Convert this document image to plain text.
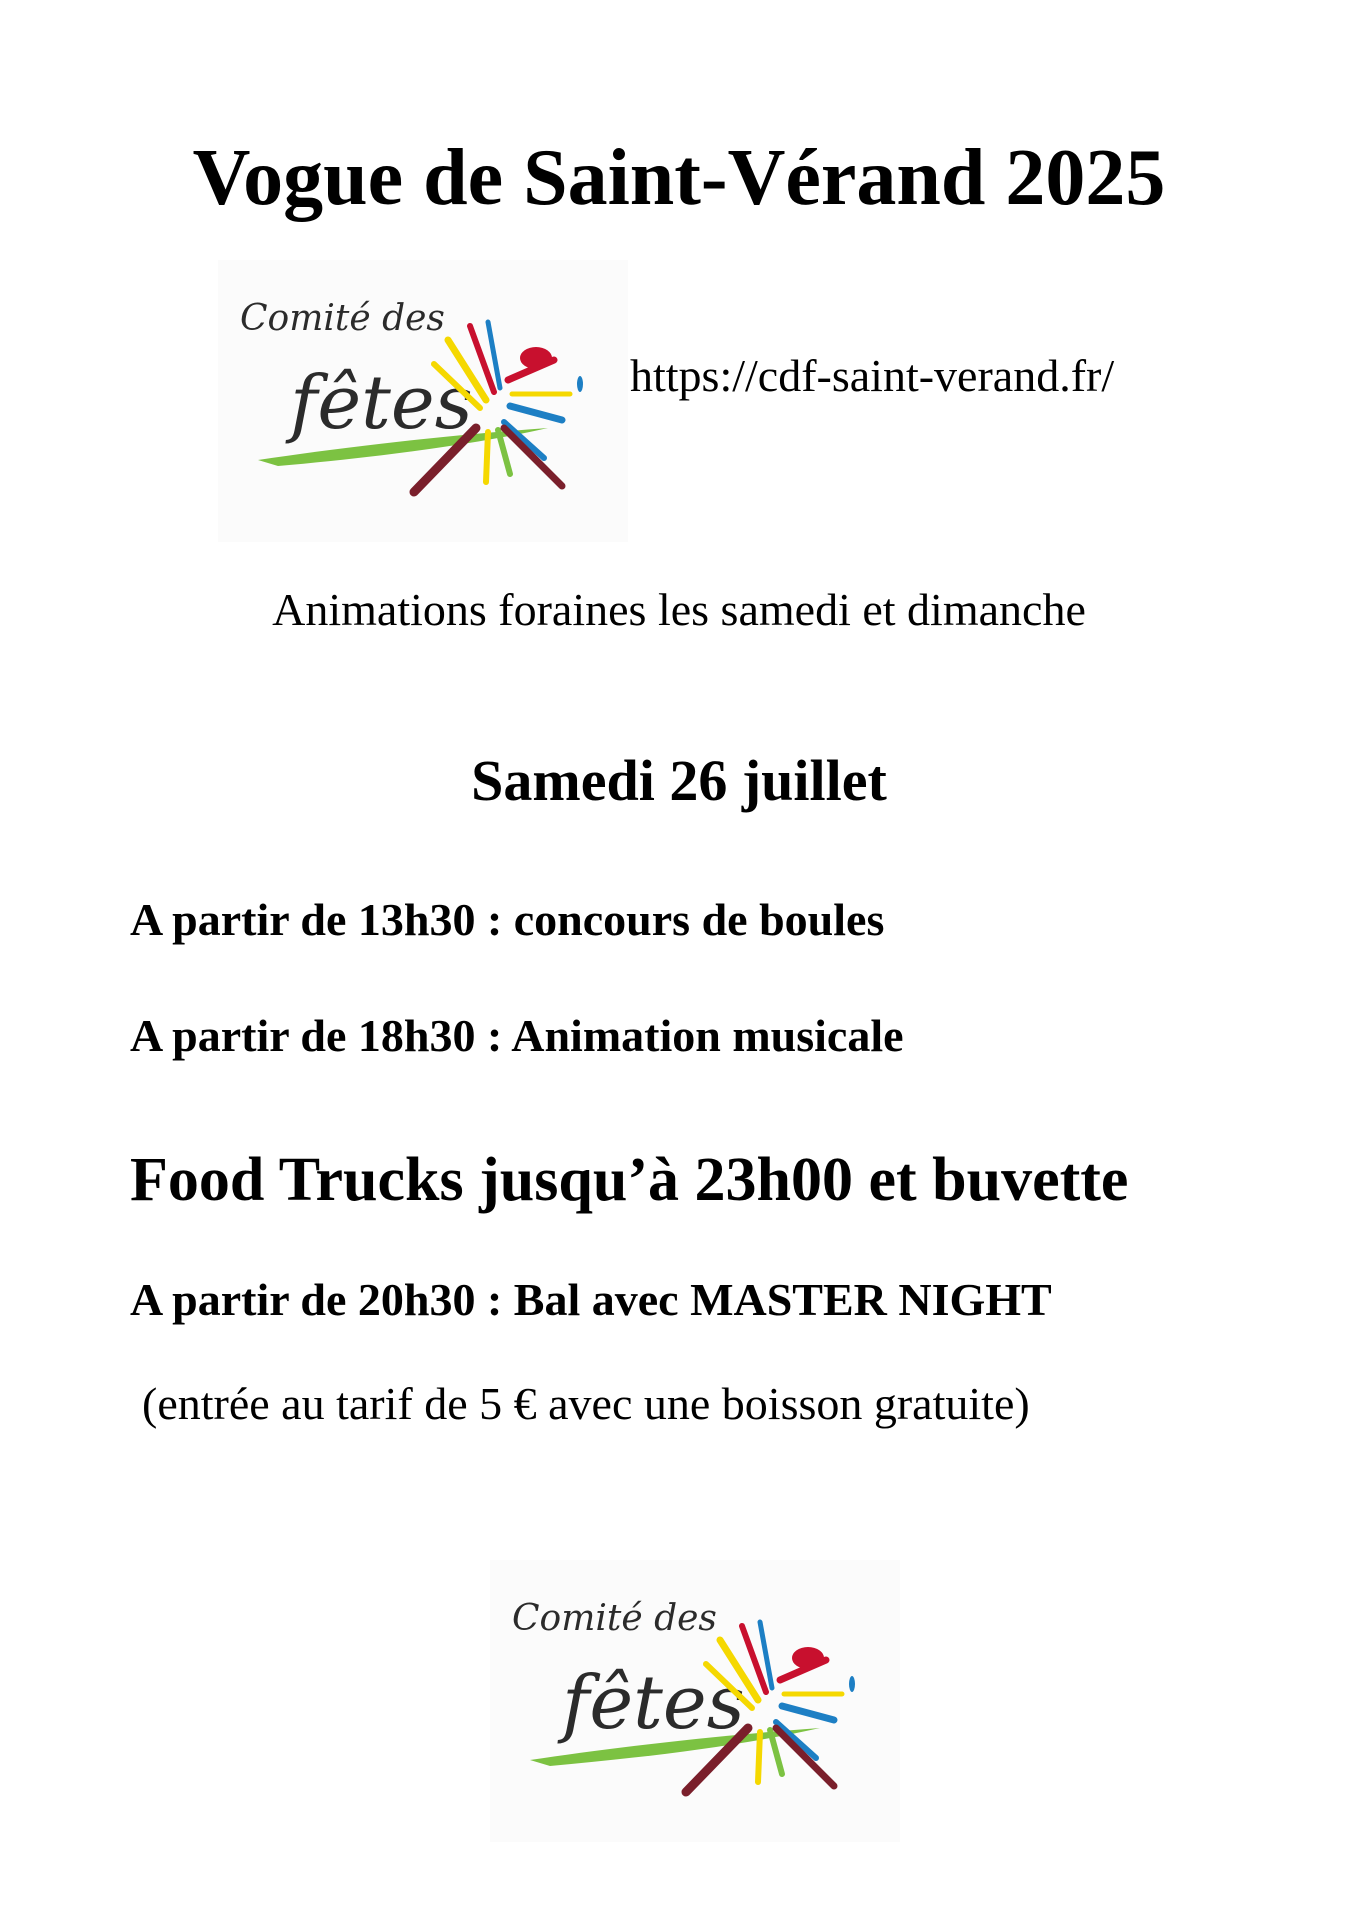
Vogue de Saint-Vérand 2025
Comité des
fêtes	https://cdf-saint-verand.fr/

Animations foraines les samedi et dimanche

Samedi 26 juillet

A partir de 13h30 : concours de boules

A partir de 18h30 : Animation musicale

Food Trucks jusqu’à 23h00 et buvette

A partir de 20h30 : Bal avec MASTER NIGHT

(entrée au tarif de 5 € avec une boisson gratuite)

Comité des
fêtes
